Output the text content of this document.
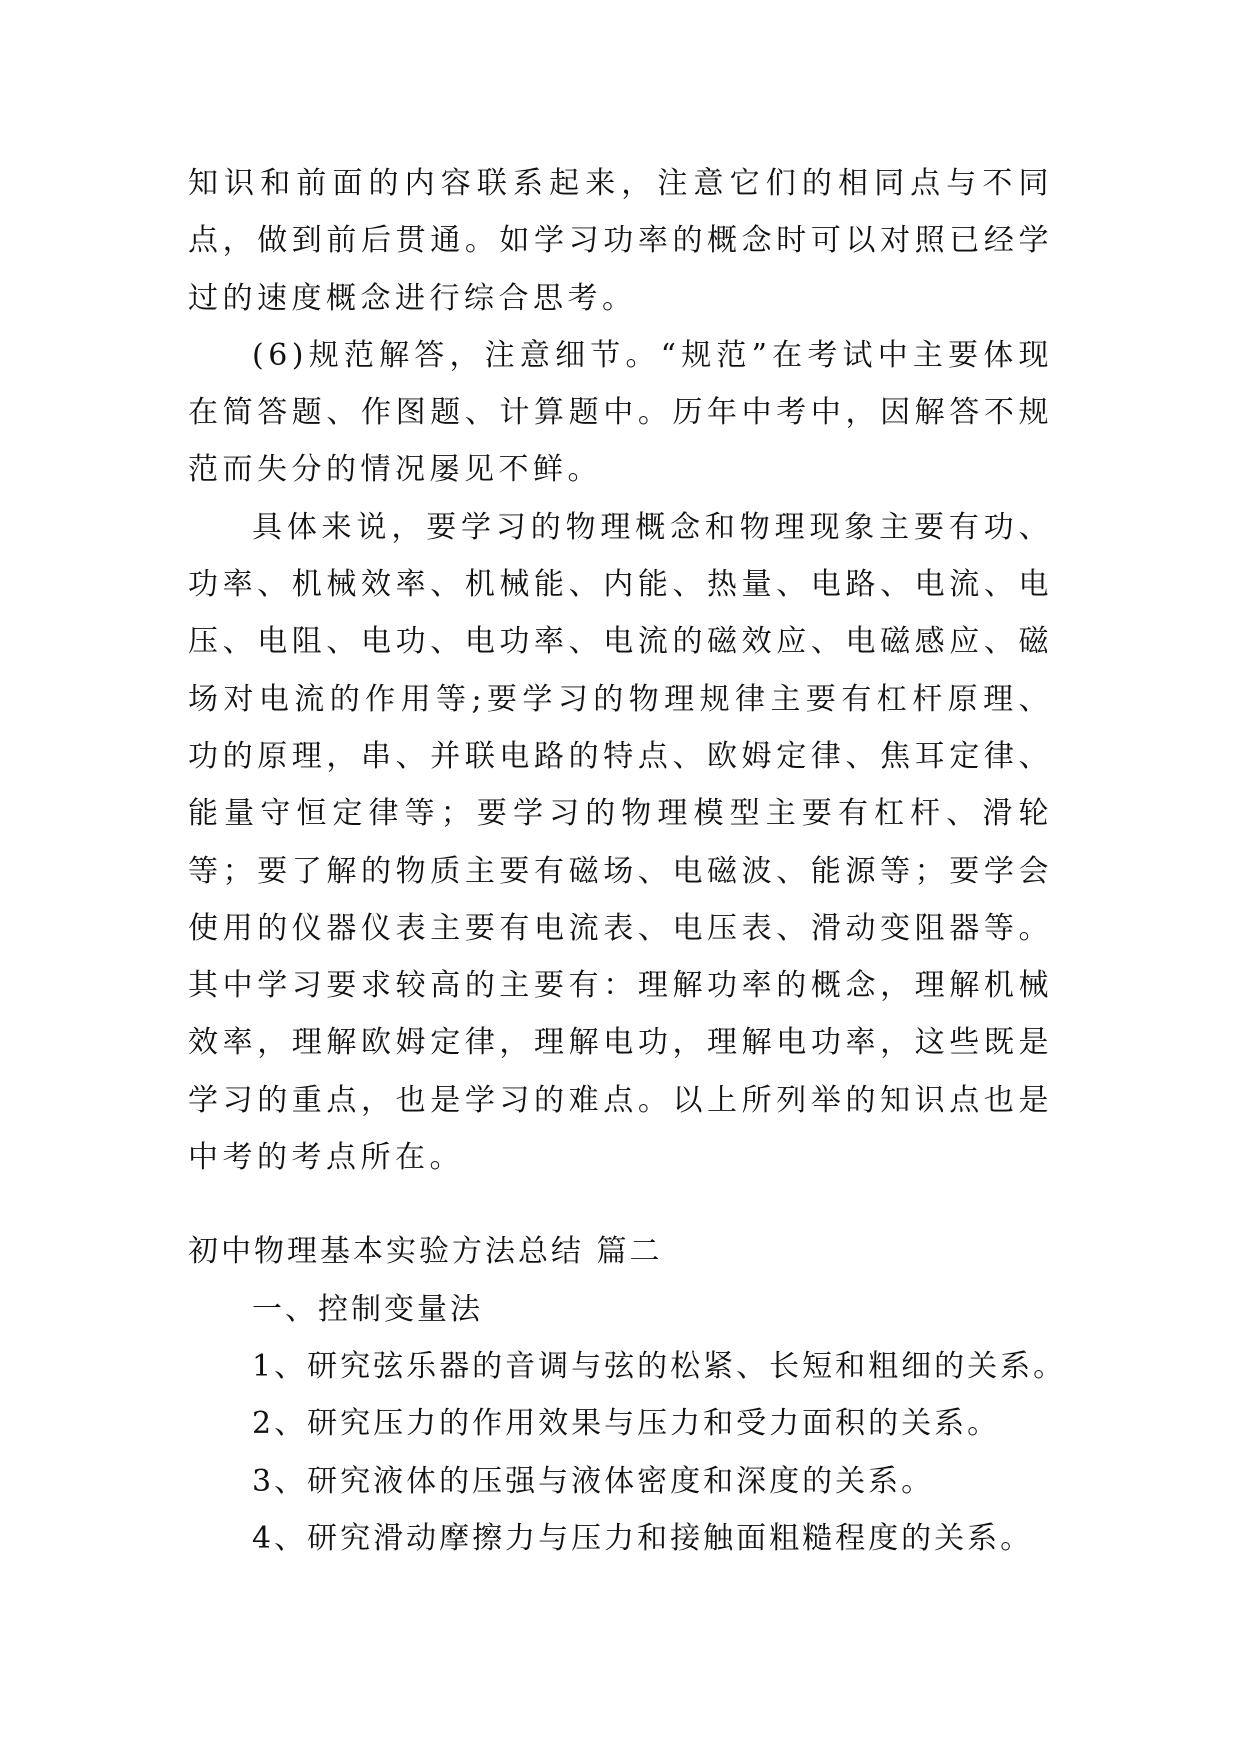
知识和前面的内容联系起来，注意它们的相同点与不同点，做到前后贯通。如学习功率的概念时可以对照已经学过的速度概念进行综合思考。

(6)规范解答，注意细节。“规范”在考试中主要体现在简答题、作图题、计算题中。历年中考中，因解答不规范而失分的情况屡见不鲜。

具体来说，要学习的物理概念和物理现象主要有功、功率、机械效率、机械能、内能、热量、电路、电流、电压、电阻、电功、电功率、电流的磁效应、电磁感应、磁场对电流的作用等;要学习的物理规律主要有杠杆原理、功的原理，串、并联电路的特点、欧姆定律、焦耳定律、能量守恒定律等；要学习的物理模型主要有杠杆、滑轮等；要了解的物质主要有磁场、电磁波、能源等；要学会使用的仪器仪表主要有电流表、电压表、滑动变阻器等。其中学习要求较高的主要有：理解功率的概念，理解机械效率，理解欧姆定律，理解电功，理解电功率，这些既是学习的重点，也是学习的难点。以上所列举的知识点也是中考的考点所在。

初中物理基本实验方法总结 篇二

一、控制变量法

1、研究弦乐器的音调与弦的松紧、长短和粗细的关系。

2、研究压力的作用效果与压力和受力面积的关系。

3、研究液体的压强与液体密度和深度的关系。

4、研究滑动摩擦力与压力和接触面粗糙程度的关系。
